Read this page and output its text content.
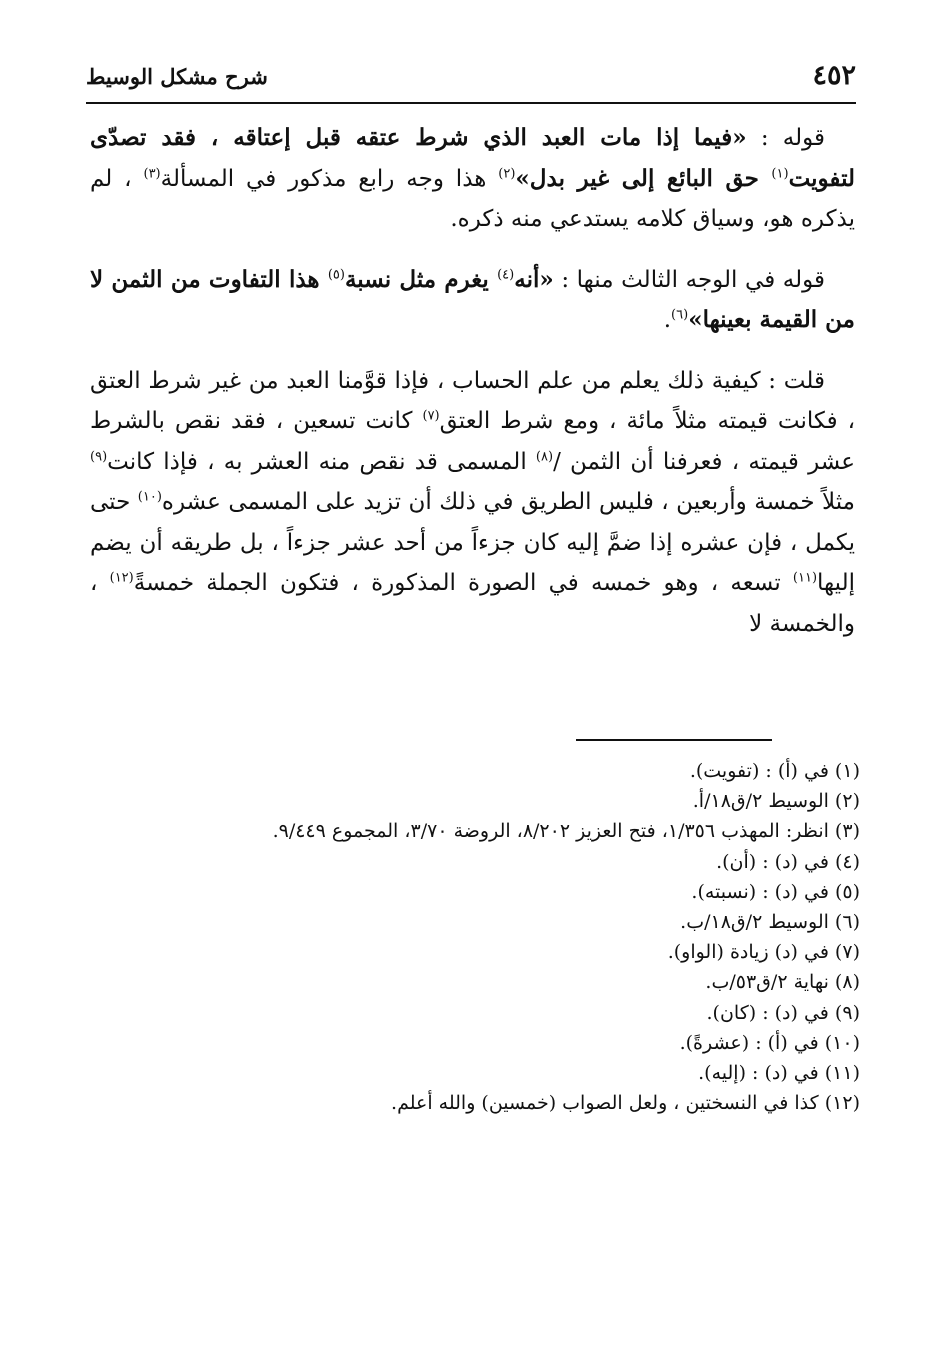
٤٥٢
شرح مشكل الوسيط

قوله : «فيما إذا مات العبد الذي شرط عتقه قبل إعتاقه ، فقد تصدّى لتفويت$^{(١)}$ حق البائع إلى غير بدل»$^{(٢)}$ هذا وجه رابع مذكور في المسألة$^{(٣)}$ ، لم يذكره هو، وسياق كلامه يستدعي منه ذكره.

قوله في الوجه الثالث منها : «أنه$^{(٤)}$ يغرم مثل نسبة$^{(٥)}$ هذا التفاوت من الثمن لا من القيمة بعينها»$^{(٦)}$.

قلت : كيفية ذلك يعلم من علم الحساب ، فإذا قوَّمنا العبد من غير شرط العتق ، فكانت قيمته مثلاً مائة ، ومع شرط العتق$^{(٧)}$ كانت تسعين ، فقد نقص بالشرط عشر قيمته ، فعرفنا أن الثمن /$^{(٨)}$ المسمى قد نقص منه العشر به ، فإذا كانت$^{(٩)}$ مثلاً خمسة وأربعين ، فليس الطريق في ذلك أن تزيد على المسمى عشره$^{(١٠)}$ حتى يكمل ، فإن عشره إذا ضمَّ إليه كان جزءاً من أحد عشر جزءاً ، بل طريقه أن يضم إليها$^{(١١)}$ تسعه ، وهو خمسه في الصورة المذكورة ، فتكون الجملة خمسةً$^{(١٢)}$ ، والخمسة لا

(١) في (أ) : (تفويت).

(٢) الوسيط ٢/ق١٨/أ.

(٣) انظر: المهذب ١/٣٥٦، فتح العزيز ٨/٢٠٢، الروضة ٣/٧٠، المجموع ٩/٤٤٩.

(٤) في (د) : (أن).

(٥) في (د) : (نسبته).

(٦) الوسيط ٢/ق١٨/ب.

(٧) في (د) زيادة (الواو).

(٨) نهاية ٢/ق٥٣/ب.

(٩) في (د) : (كان).

(١٠) في (أ) : (عشرةً).

(١١) في (د) : (إليه).

(١٢) كذا في النسختين ، ولعل الصواب (خمسين) والله أعلم.
